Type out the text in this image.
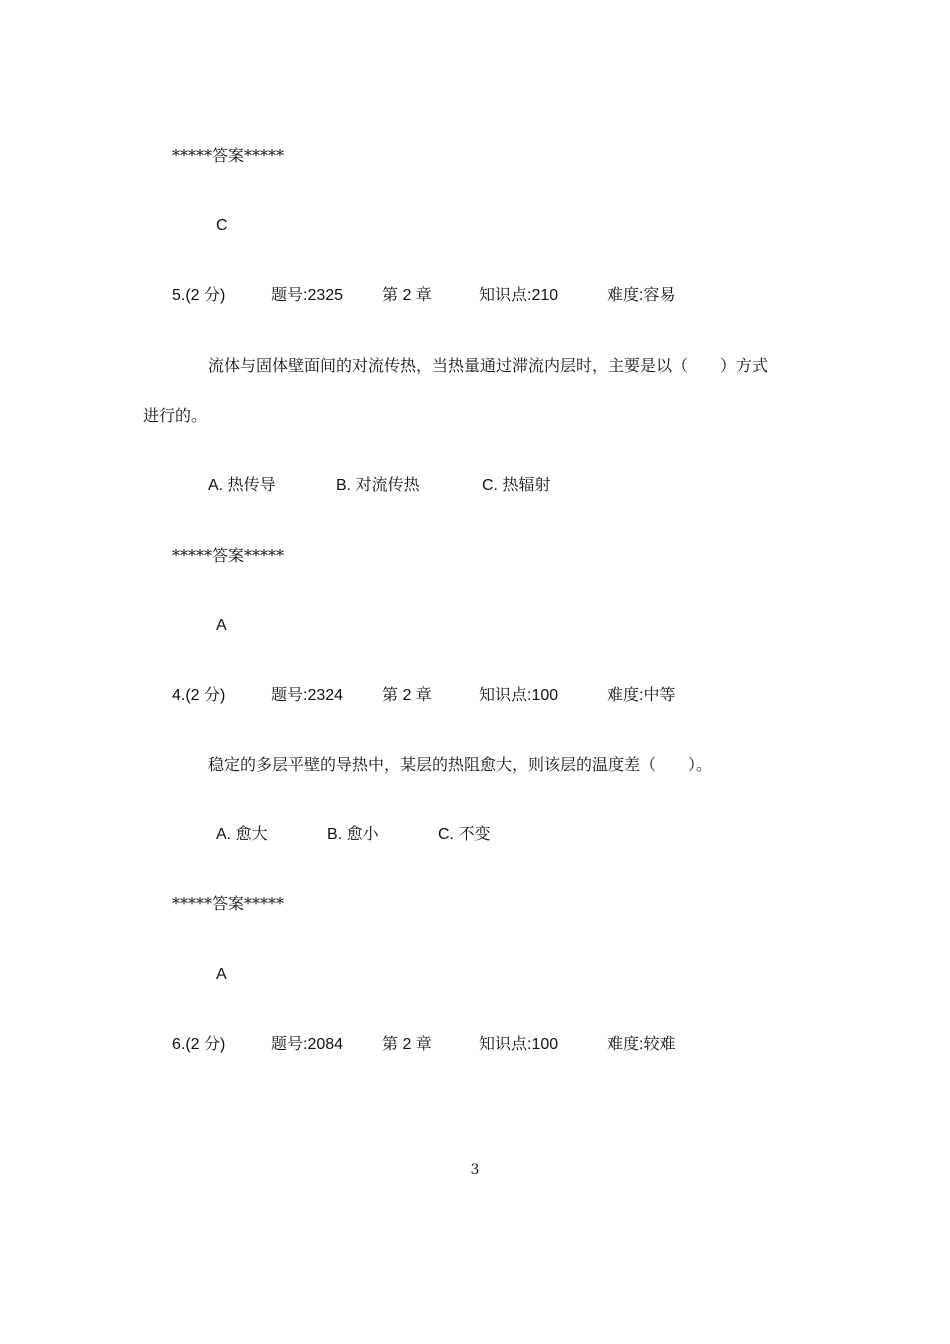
*****答案*****
C
5.(2 分)	题号:2325 第 2 章	知识点:210	难度:容易
流体与固体壁面间的对流传热，当热量通过滞流内层时，主要是以（　　）方式
进行的。
A. 热传导	B. 对流传热	C. 热辐射
*****答案*****
A
4.(2 分)	题号:2324 第 2 章	知识点:100	难度:中等
稳定的多层平壁的导热中，某层的热阻愈大，则该层的温度差（　　）。
A. 愈大	B. 愈小	C. 不变
*****答案*****
A
6.(2 分)	题号:2084 第 2 章	知识点:100	难度:较难
3
